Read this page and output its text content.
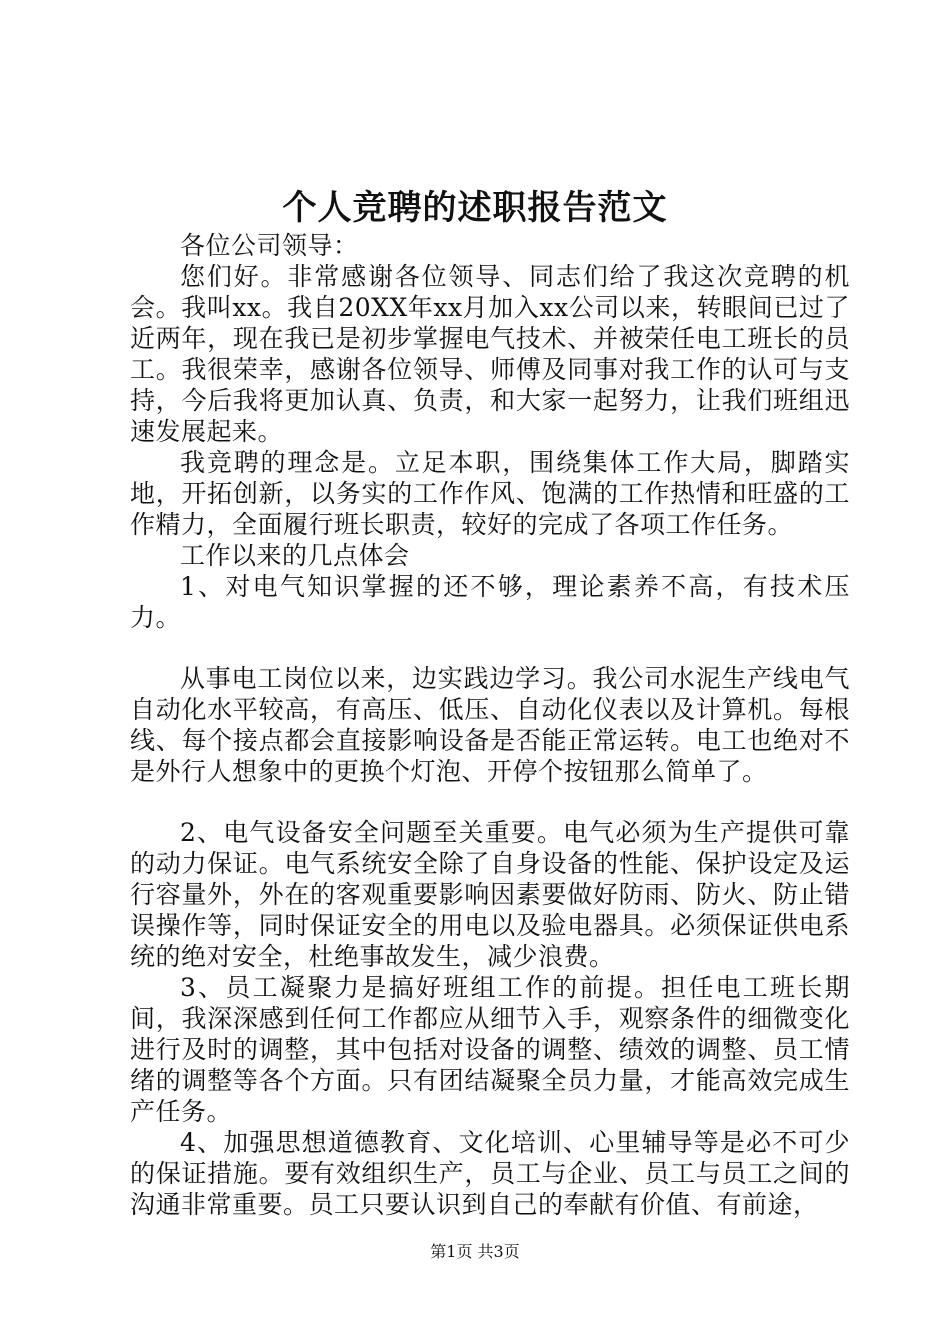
个人竞聘的述职报告范文

各位公司领导：

您们好。非常感谢各位领导、同志们给了我这次竞聘的机会。我叫xx。我自20XX年xx月加入xx公司以来，转眼间已过了近两年，现在我已是初步掌握电气技术、并被荣任电工班长的员工。我很荣幸，感谢各位领导、师傅及同事对我工作的认可与支持，今后我将更加认真、负责，和大家一起努力，让我们班组迅速发展起来。

我竞聘的理念是。立足本职，围绕集体工作大局，脚踏实地，开拓创新，以务实的工作作风、饱满的工作热情和旺盛的工作精力，全面履行班长职责，较好的完成了各项工作任务。

工作以来的几点体会

1、对电气知识掌握的还不够，理论素养不高，有技术压力。

从事电工岗位以来，边实践边学习。我公司水泥生产线电气自动化水平较高，有高压、低压、自动化仪表以及计算机。每根线、每个接点都会直接影响设备是否能正常运转。电工也绝对不是外行人想象中的更换个灯泡、开停个按钮那么简单了。

2、电气设备安全问题至关重要。电气必须为生产提供可靠的动力保证。电气系统安全除了自身设备的性能、保护设定及运行容量外，外在的客观重要影响因素要做好防雨、防火、防止错误操作等，同时保证安全的用电以及验电器具。必须保证供电系统的绝对安全，杜绝事故发生，减少浪费。

3、员工凝聚力是搞好班组工作的前提。担任电工班长期间，我深深感到任何工作都应从细节入手，观察条件的细微变化进行及时的调整，其中包括对设备的调整、绩效的调整、员工情绪的调整等各个方面。只有团结凝聚全员力量，才能高效完成生产任务。

4、加强思想道德教育、文化培训、心里辅导等是必不可少的保证措施。要有效组织生产，员工与企业、员工与员工之间的沟通非常重要。员工只要认识到自己的奉献有价值、有前途，

第1页 共3页
